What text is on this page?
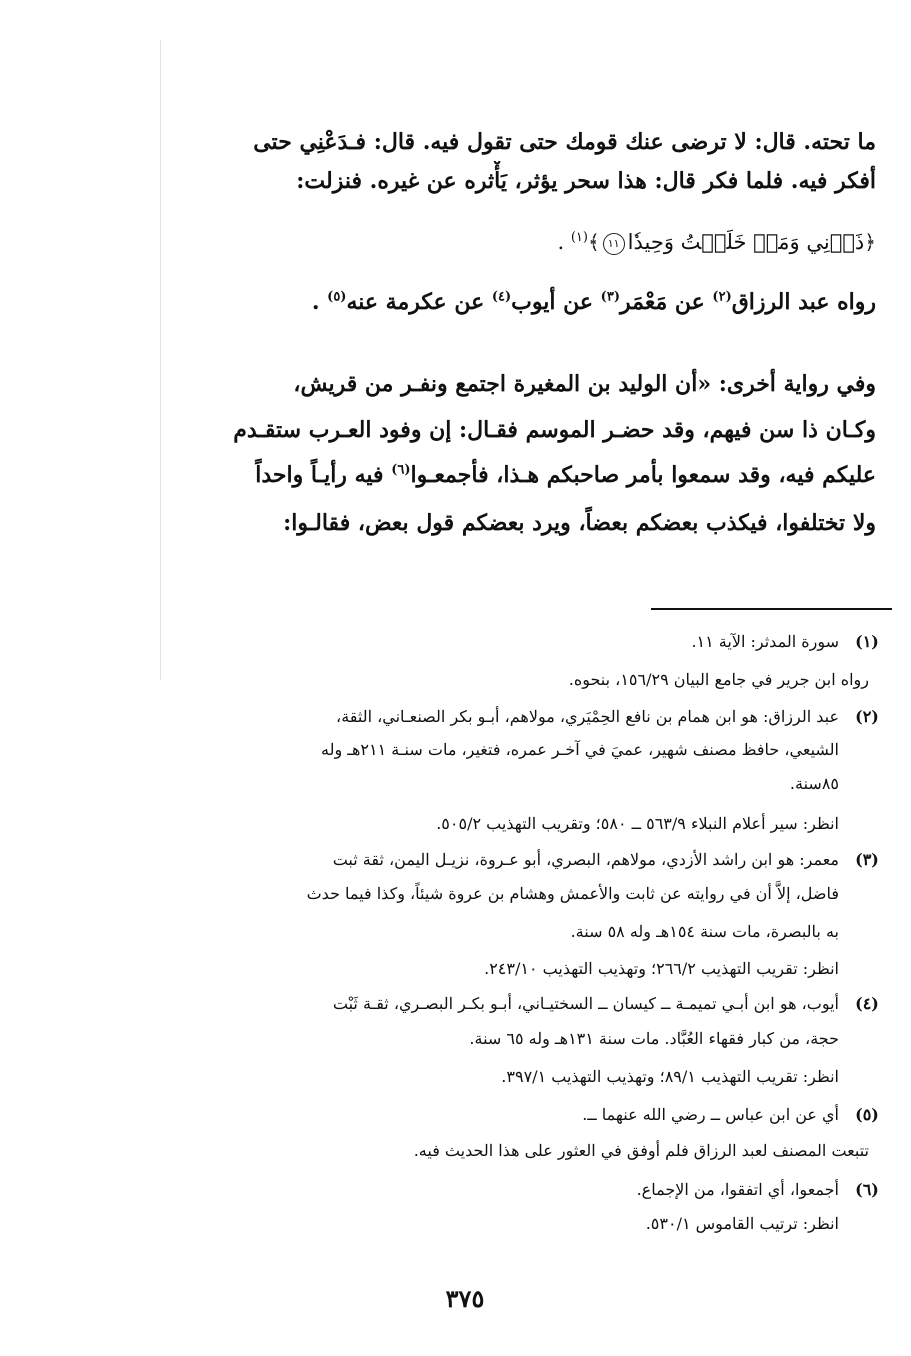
ما تحته. قال: لا ترضى عنك قومك حتى تقول فيه. قال: فـدَعْنِي حتى
أفكر فيه. فلما فكر قال: هذا سحر يؤثر، يَأْثره عن غيره. فنزلت:
﴿ذَرۡنِي وَمَنۡ خَلَقۡتُ وَحِيدٗا١١﴾$^{(١)}$ .
رواه عبد الرزاق$^{(٢)}$ عن مَعْمَر$^{(٣)}$ عن أيوب$^{(٤)}$ عن عكرمة عنه$^{(٥)}$ .
وفي رواية أخرى: «أن الوليد بن المغيرة اجتمع ونفـر من قريش،
وكـان ذا سن فيهم، وقد حضـر الموسم فقـال: إن وفود العـرب ستقـدم
عليكم فيه، وقد سمعوا بأمر صاحبكم هـذا، فأجمعـوا$^{(٦)}$ فيه رأيـاً واحداً
ولا تختلفوا، فيكذب بعضكم بعضاً، ويرد بعضكم قول بعض، فقالـوا:
(١)
سورة المدثر: الآية ١١.
رواه ابن جرير في جامع البيان ١٥٦/٢٩، بنحوه.
(٢)
عبد الرزاق: هو ابن همام بن نافع الحِمْيَري، مولاهم، أبـو بكر الصنعـاني، الثقة،
الشيعي، حافظ مصنف شهير، عميَ في آخـر عمره، فتغير، مات سنـة ٢١١هـ وله
٨٥سنة.
انظر: سير أعلام النبلاء ٥٦٣/٩ ــ ٥٨٠؛ وتقريب التهذيب ٥٠٥/٢.
(٣)
معمر: هو ابن راشد الأزدي، مولاهم، البصري، أبو عـروة، نزيـل اليمن، ثقة ثبت
فاضل، إلاَّ أن في روايته عن ثابت والأعمش وهشام بن عروة شيئاً، وكذا فيما حدث
به بالبصرة، مات سنة ١٥٤هـ وله ٥٨ سنة.
انظر: تقريب التهذيب ٢٦٦/٢؛ وتهذيب التهذيب ٢٤٣/١٠.
(٤)
أيوب، هو ابن أبـي تميمـة ــ كيسان ــ السختيـاني، أبـو بكـر البصـري، ثقـة ثَبْت
حجة، من كبار فقهاء العُبَّاد. مات سنة ١٣١هـ وله ٦٥ سنة.
انظر: تقريب التهذيب ٨٩/١؛ وتهذيب التهذيب ٣٩٧/١.
(٥)
أي عن ابن عباس ــ رضي الله عنهما ــ.
تتبعت المصنف لعبد الرزاق فلم أوفق في العثور على هذا الحديث فيه.
(٦)
أجمعوا، أي اتفقوا، من الإجماع.
انظر: ترتيب القاموس ٥٣٠/١.
٣٧٥
